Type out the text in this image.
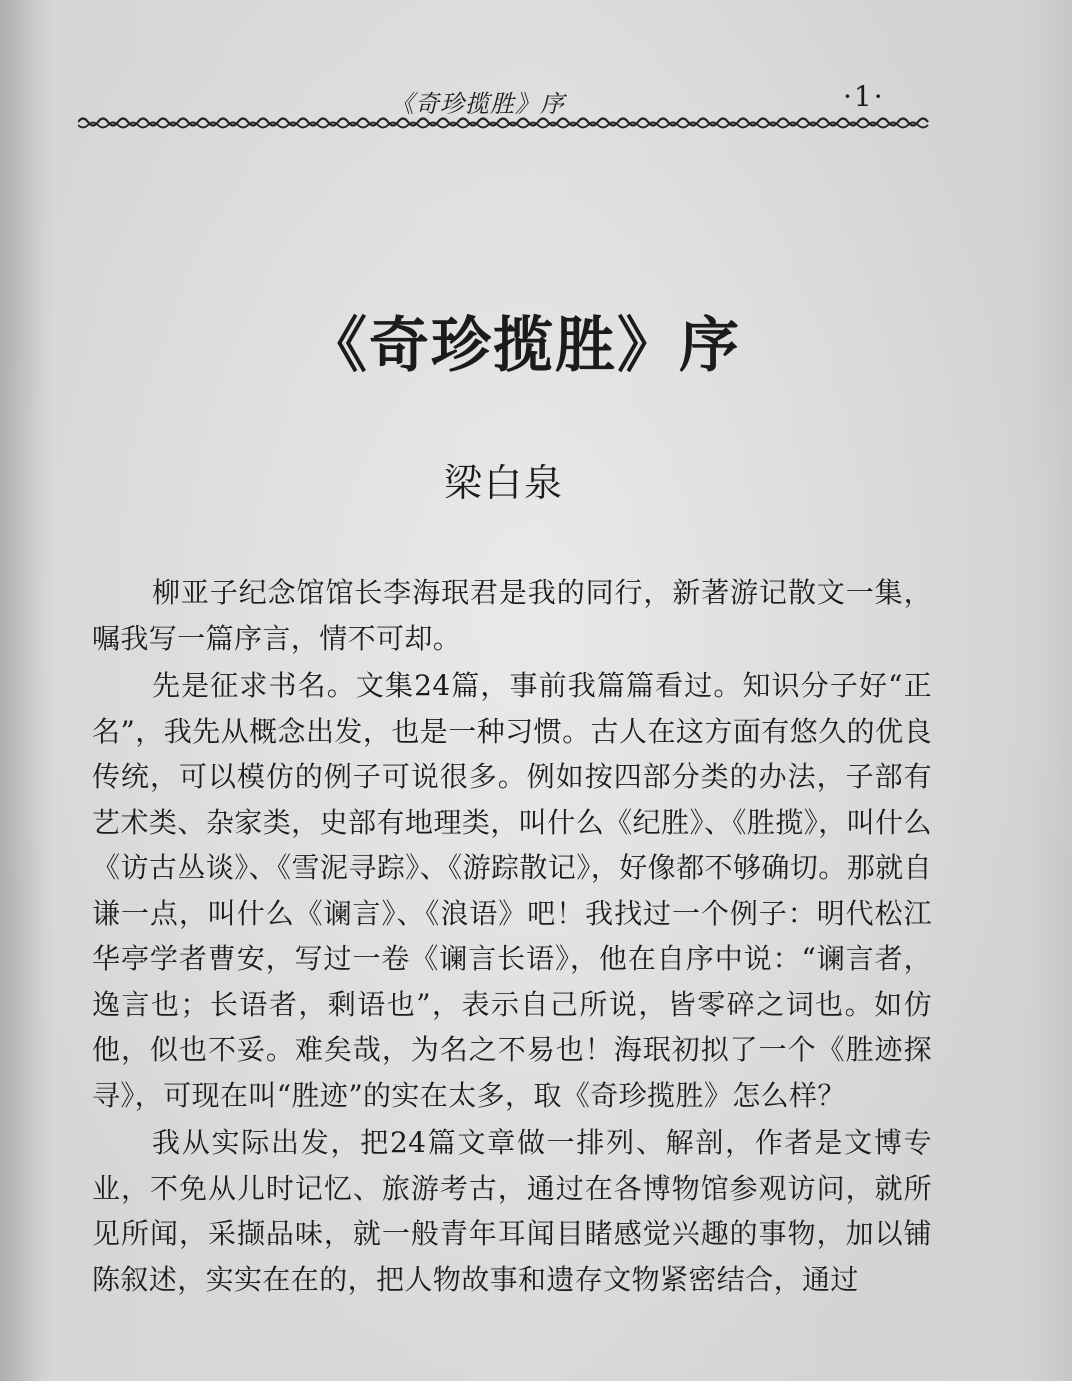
《奇珍揽胜》序	·1·
《奇珍揽胜》序
梁白泉

柳亚子纪念馆馆长李海珉君是我的同行，新著游记散文一集，嘱我写一篇序言，情不可却。

先是征求书名。文集24篇，事前我篇篇看过。知识分子好“正名”，我先从概念出发，也是一种习惯。古人在这方面有悠久的优良传统，可以模仿的例子可说很多。例如按四部分类的办法，子部有艺术类、杂家类，史部有地理类，叫什么《纪胜》、《胜揽》，叫什么《访古丛谈》、《雪泥寻踪》、《游踪散记》，好像都不够确切。那就自谦一点，叫什么《谰言》、《浪语》吧！我找过一个例子：明代松江华亭学者曹安，写过一卷《谰言长语》，他在自序中说：“谰言者，逸言也；长语者，剩语也”，表示自己所说，皆零碎之词也。如仿他，似也不妥。难矣哉，为名之不易也！海珉初拟了一个《胜迹探寻》，可现在叫“胜迹”的实在太多，取《奇珍揽胜》怎么样？

我从实际出发，把24篇文章做一排列、解剖，作者是文博专业，不免从儿时记忆、旅游考古，通过在各博物馆参观访问，就所见所闻，采撷品味，就一般青年耳闻目睹感觉兴趣的事物，加以铺陈叙述，实实在在的，把人物故事和遗存文物紧密结合，通过
